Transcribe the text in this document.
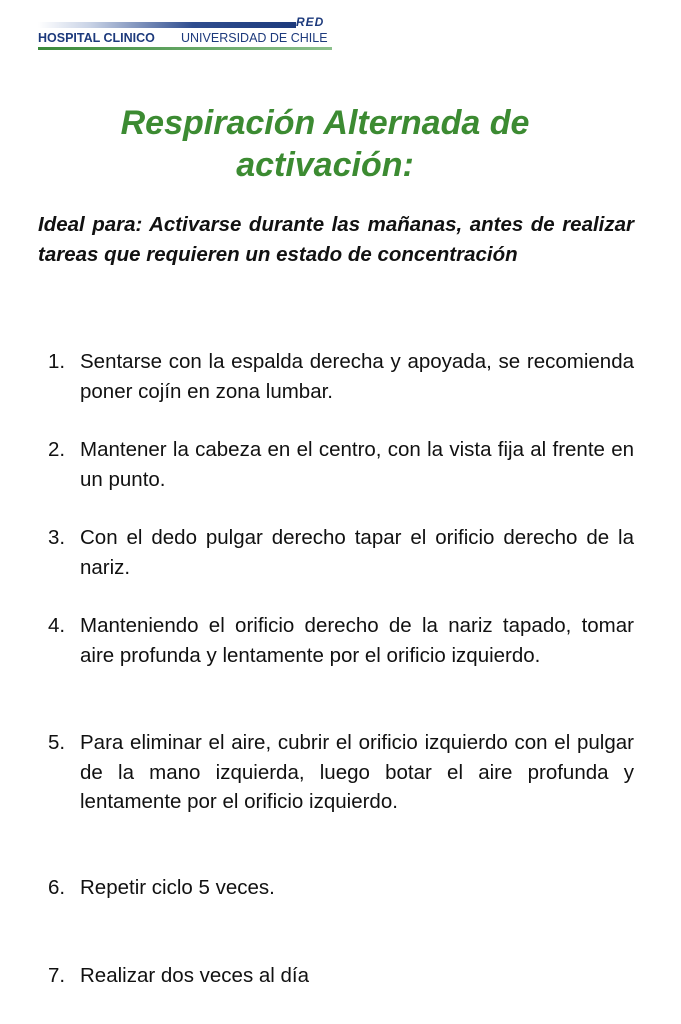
RED
HOSPITAL CLINICO UNIVERSIDAD DE CHILE
Respiración Alternada de activación:
Ideal para: Activarse durante las mañanas, antes de realizar tareas que requieren un estado de concentración
1. Sentarse con la espalda derecha y apoyada, se recomienda poner cojín en zona lumbar.
2. Mantener la cabeza en el centro, con la vista fija al frente en un punto.
3. Con el dedo pulgar derecho tapar el orificio derecho de la nariz.
4. Manteniendo el orificio derecho de la nariz tapado, tomar aire profunda y lentamente por el orificio izquierdo.
5. Para eliminar el aire, cubrir el orificio izquierdo con el pulgar de la mano izquierda, luego botar el aire profunda y lentamente por el orificio izquierdo.
6. Repetir ciclo 5 veces.
7. Realizar dos veces al día
